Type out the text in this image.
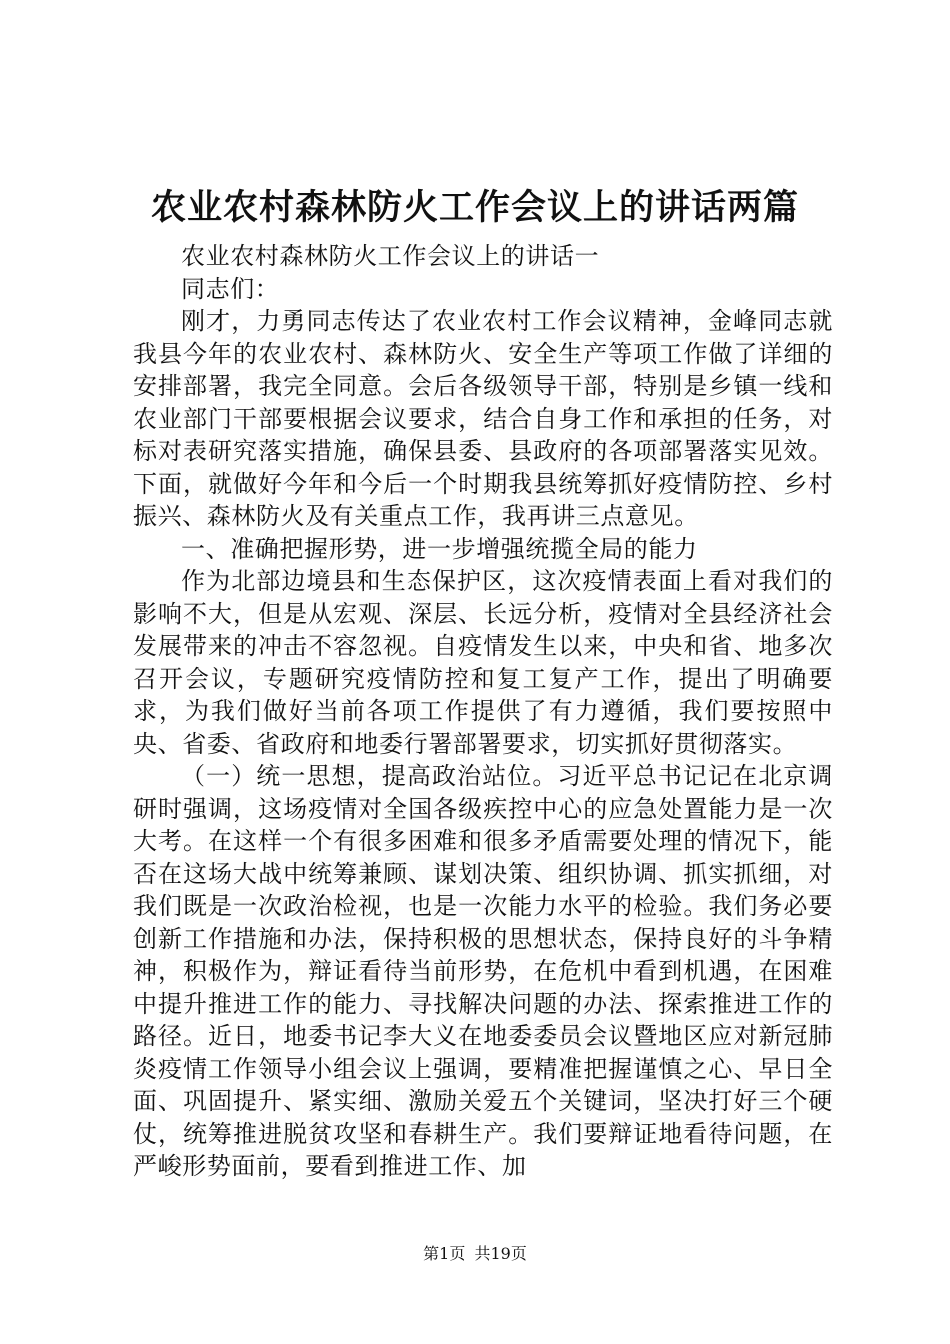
农业农村森林防火工作会议上的讲话两篇

农业农村森林防火工作会议上的讲话一

同志们：

刚才，力勇同志传达了农业农村工作会议精神，金峰同志就我县今年的农业农村、森林防火、安全生产等项工作做了详细的安排部署，我完全同意。会后各级领导干部，特别是乡镇一线和农业部门干部要根据会议要求，结合自身工作和承担的任务，对标对表研究落实措施，确保县委、县政府的各项部署落实见效。下面，就做好今年和今后一个时期我县统筹抓好疫情防控、乡村振兴、森林防火及有关重点工作，我再讲三点意见。

一、准确把握形势，进一步增强统揽全局的能力

作为北部边境县和生态保护区，这次疫情表面上看对我们的影响不大，但是从宏观、深层、长远分析，疫情对全县经济社会发展带来的冲击不容忽视。自疫情发生以来，中央和省、地多次召开会议，专题研究疫情防控和复工复产工作，提出了明确要求，为我们做好当前各项工作提供了有力遵循，我们要按照中央、省委、省政府和地委行署部署要求，切实抓好贯彻落实。

（一）统一思想，提高政治站位。习近平总书记记在北京调研时强调，这场疫情对全国各级疾控中心的应急处置能力是一次大考。在这样一个有很多困难和很多矛盾需要处理的情况下，能否在这场大战中统筹兼顾、谋划决策、组织协调、抓实抓细，对我们既是一次政治检视，也是一次能力水平的检验。我们务必要创新工作措施和办法，保持积极的思想状态，保持良好的斗争精神，积极作为，辩证看待当前形势，在危机中看到机遇，在困难中提升推进工作的能力、寻找解决问题的办法、探索推进工作的路径。近日，地委书记李大义在地委委员会议暨地区应对新冠肺炎疫情工作领导小组会议上强调，要精准把握谨慎之心、早日全面、巩固提升、紧实细、激励关爱五个关键词，坚决打好三个硬仗，统筹推进脱贫攻坚和春耕生产。我们要辩证地看待问题，在严峻形势面前，要看到推进工作、加

第1页 共19页
